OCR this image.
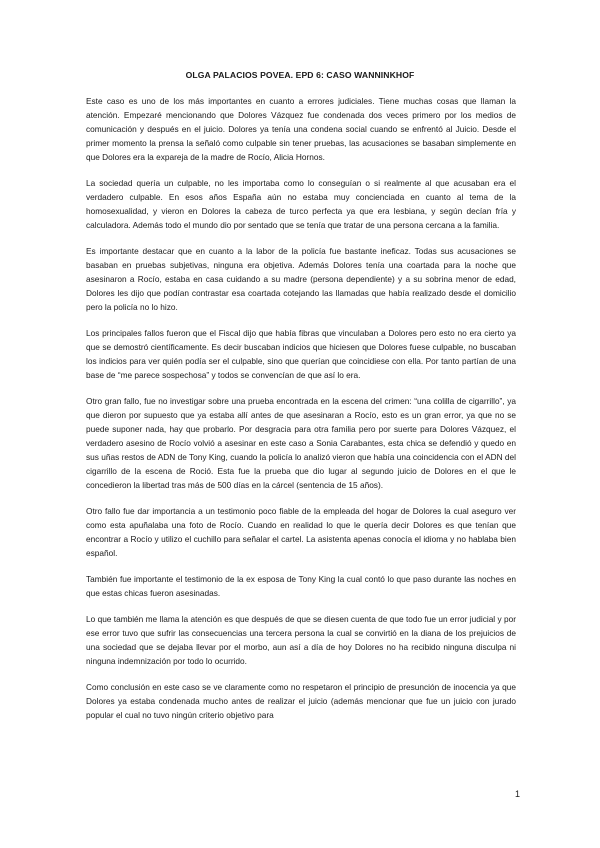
OLGA PALACIOS POVEA. EPD 6: CASO WANNINKHOF

Este caso es uno de los más importantes en cuanto a errores judiciales. Tiene muchas cosas que llaman la atención. Empezaré mencionando que Dolores Vázquez fue condenada dos veces primero por los medios de comunicación y después en el juicio. Dolores ya tenía una condena social cuando se enfrentó al Juicio. Desde el primer momento la prensa la señaló como culpable sin tener pruebas, las acusaciones se basaban simplemente en que Dolores era la expareja de la madre de Rocío, Alicia Hornos.

La sociedad quería un culpable, no les importaba como lo conseguían o si realmente al que acusaban era el verdadero culpable. En esos años España aún no estaba muy concienciada en cuanto al tema de la homosexualidad, y vieron en Dolores la cabeza de turco perfecta ya que era lesbiana, y según decían fría y calculadora. Además todo el mundo dio por sentado que se tenía que tratar de una persona cercana a la familia.

Es importante destacar que en cuanto a la labor de la policía fue bastante ineficaz. Todas sus acusaciones se basaban en pruebas subjetivas, ninguna era objetiva. Además Dolores tenía una coartada para la noche que asesinaron a Rocío, estaba en casa cuidando a su madre (persona dependiente) y a su sobrina menor de edad, Dolores les dijo que podían contrastar esa coartada cotejando las llamadas que había realizado desde el domicilio pero la policía no lo hizo.

Los principales fallos fueron que el Fiscal dijo que había fibras que vinculaban a Dolores pero esto no era cierto ya que se demostró científicamente. Es decir buscaban indicios que hiciesen que Dolores fuese culpable, no buscaban los indicios para ver quién podía ser el culpable, sino que querían que coincidiese con ella. Por tanto partían de una base de “me parece sospechosa” y todos se convencían de que así lo era.

Otro gran fallo, fue no investigar sobre una prueba encontrada en la escena del crimen: “una colilla de cigarrillo”, ya que dieron por supuesto que ya estaba allí antes de que asesinaran a Rocío, esto es un gran error, ya que no se puede suponer nada, hay que probarlo. Por desgracia para otra familia pero por suerte para Dolores Vázquez, el verdadero asesino de Rocío volvió a asesinar en este caso a Sonia Carabantes, esta chica se defendió y quedo en sus uñas restos de ADN de Tony King, cuando la policía lo analizó vieron que había una coincidencia con el ADN del cigarrillo de la escena de Roció. Esta fue la prueba que dio lugar al segundo juicio de Dolores en el que le concedieron la libertad tras más de 500 días en la cárcel (sentencia de 15 años).

Otro fallo fue dar importancia a un testimonio poco fiable de la empleada del hogar de Dolores la cual aseguro ver como esta apuñalaba una foto de Rocío. Cuando en realidad lo que le quería decir Dolores es que tenían que encontrar a Rocío y utilizo el cuchillo para señalar el cartel. La asistenta apenas conocía el idioma y no hablaba bien español.

También fue importante el testimonio de la ex esposa de Tony King la cual contó lo que paso durante las noches en que estas chicas fueron asesinadas.

Lo que también me llama la atención es que después de que se diesen cuenta de que todo fue un error judicial y por ese error tuvo que sufrir las consecuencias una tercera persona la cual se convirtió en la diana de los prejuicios de una sociedad que se dejaba llevar por el morbo, aun así a día de hoy Dolores no ha recibido ninguna disculpa ni ninguna indemnización por todo lo ocurrido.

Como conclusión en este caso se ve claramente como no respetaron el principio de presunción de inocencia ya que Dolores ya estaba condenada mucho antes de realizar el juicio (además mencionar que fue un juicio con jurado popular el cual no tuvo ningún criterio objetivo para

1
